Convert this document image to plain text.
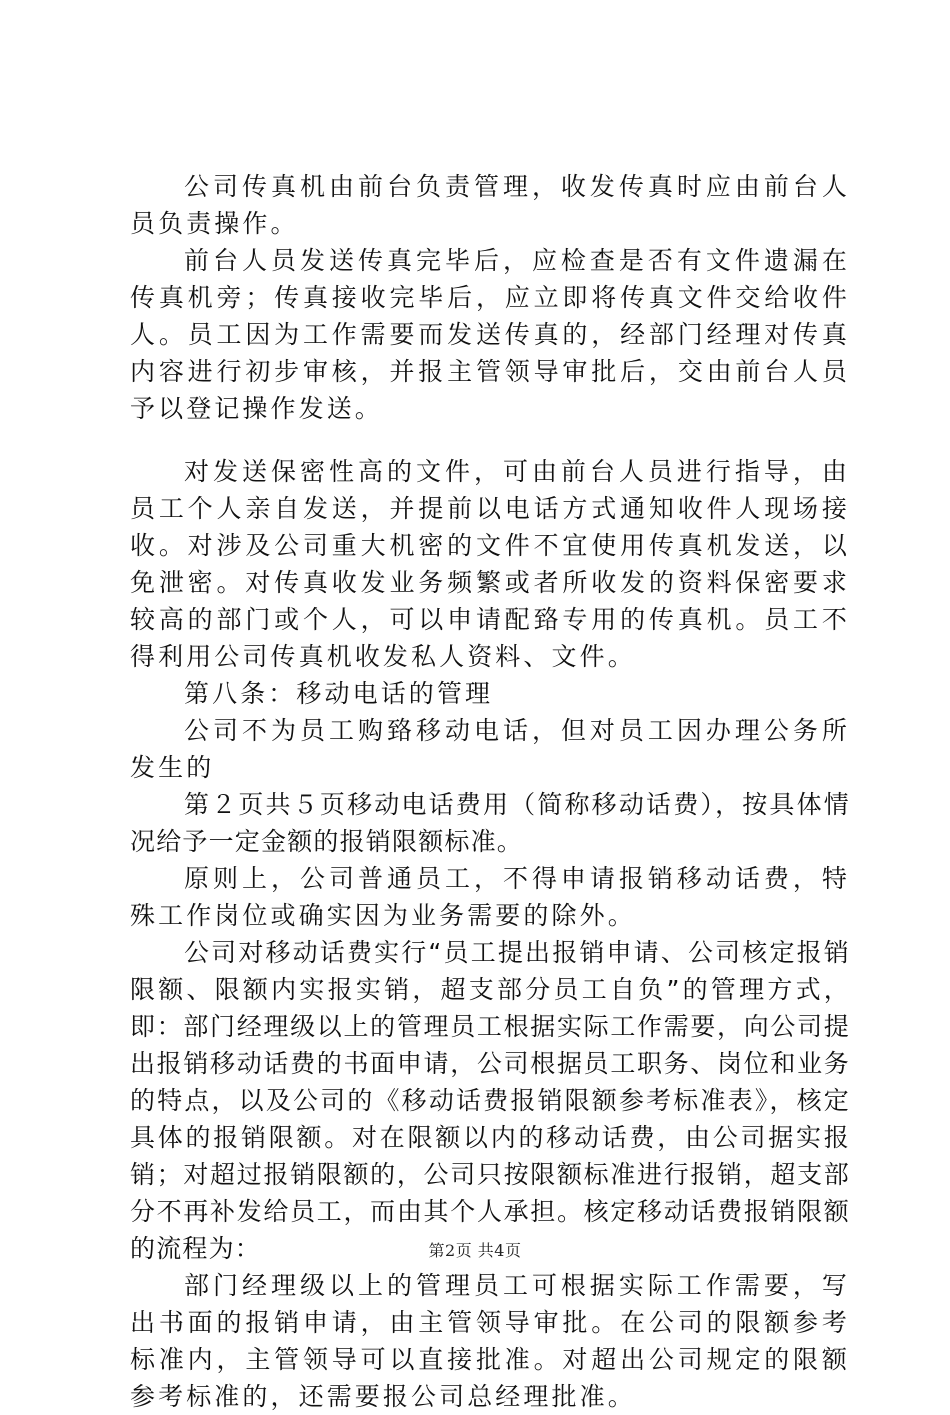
公司传真机由前台负责管理，收发传真时应由前台人员负责操作。

前台人员发送传真完毕后，应检查是否有文件遗漏在传真机旁；传真接收完毕后，应立即将传真文件交给收件人。员工因为工作需要而发送传真的，经部门经理对传真内容进行初步审核，并报主管领导审批后，交由前台人员予以登记操作发送。

对发送保密性高的文件，可由前台人员进行指导，由员工个人亲自发送，并提前以电话方式通知收件人现场接收。对涉及公司重大机密的文件不宜使用传真机发送，以免泄密。对传真收发业务频繁或者所收发的资料保密要求较高的部门或个人，可以申请配臵专用的传真机。员工不得利用公司传真机收发私人资料、文件。

第八条：移动电话的管理

公司不为员工购臵移动电话，但对员工因办理公务所发生的

第２页共５页移动电话费用（简称移动话费），按具体情况给予一定金额的报销限额标准。

原则上，公司普通员工，不得申请报销移动话费，特殊工作岗位或确实因为业务需要的除外。

公司对移动话费实行“员工提出报销申请、公司核定报销限额、限额内实报实销，超支部分员工自负”的管理方式，即：部门经理级以上的管理员工根据实际工作需要，向公司提出报销移动话费的书面申请，公司根据员工职务、岗位和业务的特点，以及公司的《移动话费报销限额参考标准表》，核定具体的报销限额。对在限额以内的移动话费，由公司据实报销；对超过报销限额的，公司只按限额标准进行报销，超支部分不再补发给员工，而由其个人承担。核定移动话费报销限额的流程为：

部门经理级以上的管理员工可根据实际工作需要，写出书面的报销申请，由主管领导审批。在公司的限额参考标准内，主管领导可以直接批准。对超出公司规定的限额参考标准的，还需要报公司总经理批准。

第2页 共4页
